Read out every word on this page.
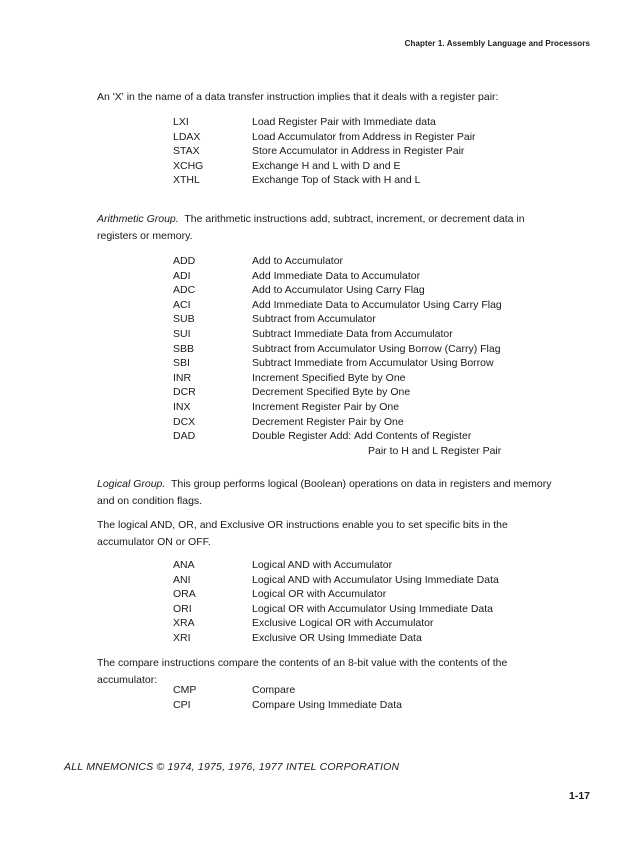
Chapter 1. Assembly Language and Processors
An 'X' in the name of a data transfer instruction implies that it deals with a register pair:
LXI	Load Register Pair with Immediate data
LDAX	Load Accumulator from Address in Register Pair
STAX	Store Accumulator in Address in Register Pair
XCHG	Exchange H and L with D and E
XTHL	Exchange Top of Stack with H and L
Arithmetic Group. The arithmetic instructions add, subtract, increment, or decrement data in registers or memory.
ADD	Add to Accumulator
ADI	Add Immediate Data to Accumulator
ADC	Add to Accumulator Using Carry Flag
ACI	Add Immediate Data to Accumulator Using Carry Flag
SUB	Subtract from Accumulator
SUI	Subtract Immediate Data from Accumulator
SBB	Subtract from Accumulator Using Borrow (Carry) Flag
SBI	Subtract Immediate from Accumulator Using Borrow
INR	Increment Specified Byte by One
DCR	Decrement Specified Byte by One
INX	Increment Register Pair by One
DCX	Decrement Register Pair by One
DAD	Double Register Add: Add Contents of Register
Pair to H and L Register Pair
Logical Group. This group performs logical (Boolean) operations on data in registers and memory and on condition flags.
The logical AND, OR, and Exclusive OR instructions enable you to set specific bits in the accumulator ON or OFF.
ANA	Logical AND with Accumulator
ANI	Logical AND with Accumulator Using Immediate Data
ORA	Logical OR with Accumulator
ORI	Logical OR with Accumulator Using Immediate Data
XRA	Exclusive Logical OR with Accumulator
XRI	Exclusive OR Using Immediate Data
The compare instructions compare the contents of an 8-bit value with the contents of the accumulator:
CMP	Compare
CPI	Compare Using Immediate Data
ALL MNEMONICS © 1974, 1975, 1976, 1977 INTEL CORPORATION
1-17
